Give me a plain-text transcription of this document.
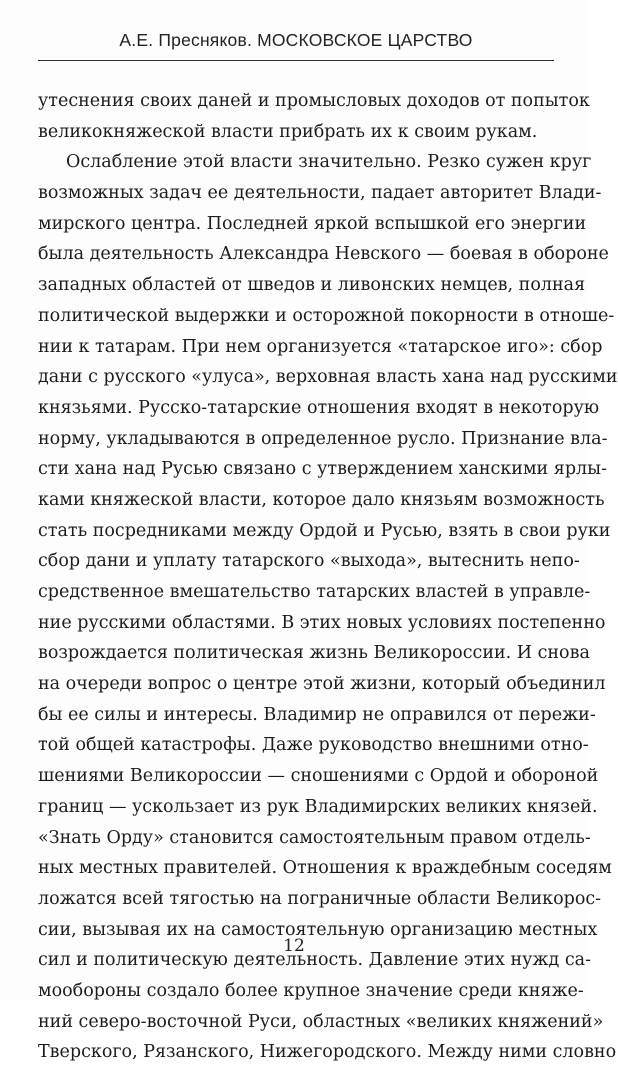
А.Е. Пресняков. МОСКОВСКОЕ ЦАРСТВО
утеснения своих даней и промысловых доходов от попыток
великокняжеской власти прибрать их к своим рукам.
Ослабление этой власти значительно. Резко сужен круг
возможных задач ее деятельности, падает авторитет Влади-
мирского центра. Последней яркой вспышкой его энергии
была деятельность Александра Невского — боевая в обороне
западных областей от шведов и ливонских немцев, полная
политической выдержки и осторожной покорности в отноше-
нии к татарам. При нем организуется «татарское иго»: сбор
дани с русского «улуса», верховная власть хана над русскими
князьями. Русско-татарские отношения входят в некоторую
норму, укладываются в определенное русло. Признание вла-
сти хана над Русью связано с утверждением ханскими ярлы-
ками княжеской власти, которое дало князьям возможность
стать посредниками между Ордой и Русью, взять в свои руки
сбор дани и уплату татарского «выхода», вытеснить непо-
средственное вмешательство татарских властей в управле-
ние русскими областями. В этих новых условиях постепенно
возрождается политическая жизнь Великороссии. И снова
на очереди вопрос о центре этой жизни, который объединил
бы ее силы и интересы. Владимир не оправился от пережи-
той общей катастрофы. Даже руководство внешними отно-
шениями Великороссии — сношениями с Ордой и обороной
границ — ускользает из рук Владимирских великих князей.
«Знать Орду» становится самостоятельным правом отдель-
ных местных правителей. Отношения к враждебным соседям
ложатся всей тягостью на пограничные области Великорос-
сии, вызывая их на самостоятельную организацию местных
сил и политическую деятельность. Давление этих нужд са-
мообороны создало более крупное значение среди княже-
ний северо-восточной Руси, областных «великих княжений»
Тверского, Рязанского, Нижегородского. Между ними словно
12
